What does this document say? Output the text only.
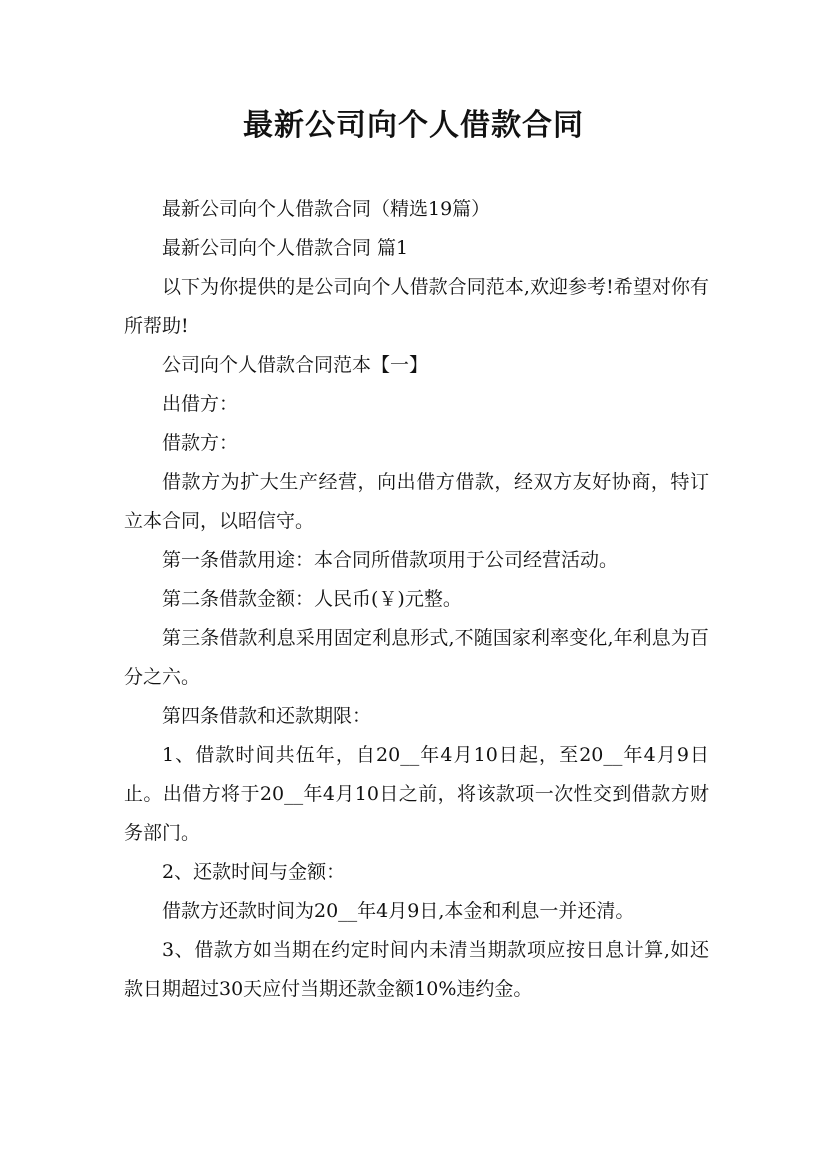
最新公司向个人借款合同

最新公司向个人借款合同（精选19篇）

最新公司向个人借款合同 篇1

以下为你提供的是公司向个人借款合同范本,欢迎参考!希望对你有所帮助!

公司向个人借款合同范本【一】

出借方：

借款方：

借款方为扩大生产经营，向出借方借款，经双方友好协商，特订立本合同，以昭信守。

第一条借款用途：本合同所借款项用于公司经营活动。

第二条借款金额：人民币(￥)元整。

第三条借款利息采用固定利息形式,不随国家利率变化,年利息为百分之六。

第四条借款和还款期限：

1、借款时间共伍年，自20__年4月10日起，至20__年4月9日止。出借方将于20__年4月10日之前，将该款项一次性交到借款方财务部门。

2、还款时间与金额：

借款方还款时间为20__年4月9日,本金和利息一并还清。

3、借款方如当期在约定时间内未清当期款项应按日息计算,如还款日期超过30天应付当期还款金额10%违约金。
